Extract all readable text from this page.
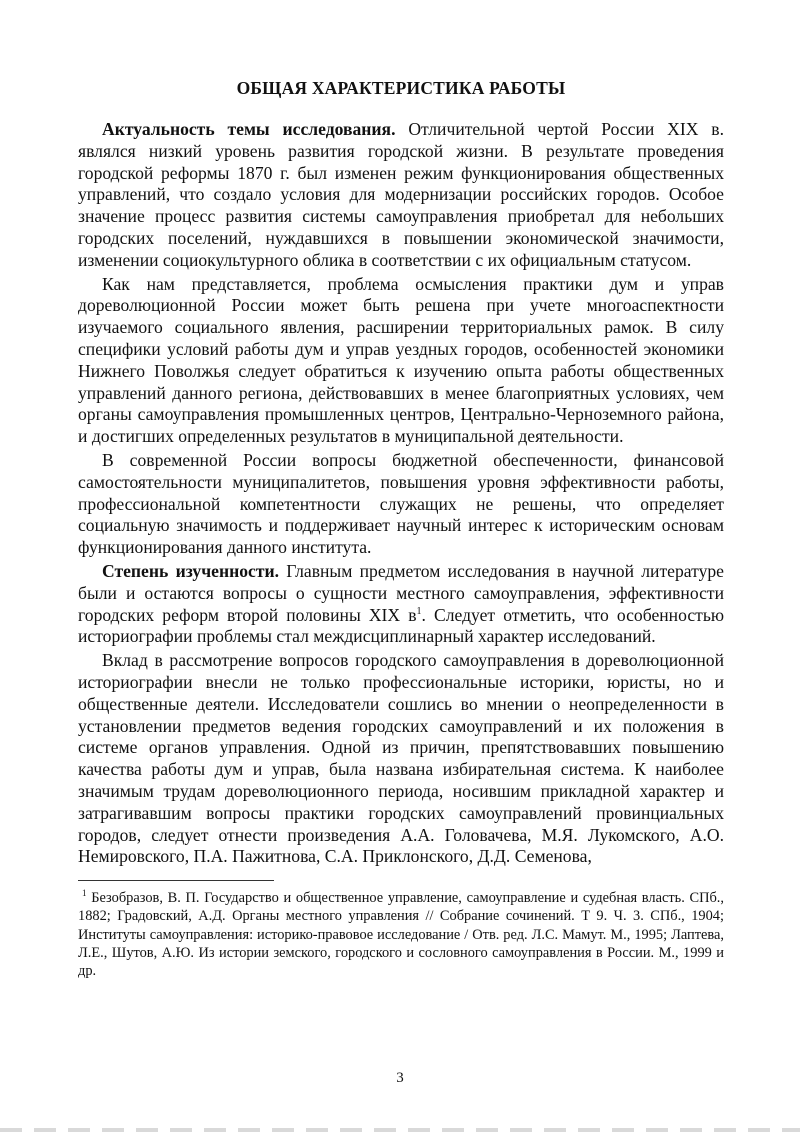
ОБЩАЯ ХАРАКТЕРИСТИКА РАБОТЫ

Актуальность темы исследования. Отличительной чертой России XIX в. являлся низкий уровень развития городской жизни. В результате проведения городской реформы 1870 г. был изменен режим функционирования общественных управлений, что создало условия для модернизации российских городов. Особое значение процесс развития системы самоуправления приобретал для небольших городских поселений, нуждавшихся в повышении экономической значимости, изменении социокультурного облика в соответствии с их официальным статусом.

Как нам представляется, проблема осмысления практики дум и управ дореволюционной России может быть решена при учете многоаспектности изучаемого социального явления, расширении территориальных рамок. В силу специфики условий работы дум и управ уездных городов, особенностей экономики Нижнего Поволжья следует обратиться к изучению опыта работы общественных управлений данного региона, действовавших в менее благоприятных условиях, чем органы самоуправления промышленных центров, Центрально-Черноземного района, и достигших определенных результатов в муниципальной деятельности.

В современной России вопросы бюджетной обеспеченности, финансовой самостоятельности муниципалитетов, повышения уровня эффективности работы, профессиональной компетентности служащих не решены, что определяет социальную значимость и поддерживает научный интерес к историческим основам функционирования данного института.

Степень изученности. Главным предметом исследования в научной литературе были и остаются вопросы о сущности местного самоуправления, эффективности городских реформ второй половины XIX $в^1$. Следует отметить, что особенностью историографии проблемы стал междисциплинарный характер исследований.

Вклад в рассмотрение вопросов городского самоуправления в дореволюционной историографии внесли не только профессиональные историки, юристы, но и общественные деятели. Исследователи сошлись во мнении о неопределенности в установлении предметов ведения городских самоуправлений и их положения в системе органов управления. Одной из причин, препятствовавших повышению качества работы дум и управ, была названа избирательная система. К наиболее значимым трудам дореволюционного периода, носившим прикладной характер и затрагивавшим вопросы практики городских самоуправлений провинциальных городов, следует отнести произведения А.А. Головачева, М.Я. Лукомского, А.О. Немировского, П.А. Пажитнова, С.А. Приклонского, Д.Д. Семенова,

$^1$ Безобразов, В. П. Государство и общественное управление, самоуправление и судебная власть. СПб., 1882; Градовский, А.Д. Органы местного управления // Собрание сочинений. Т 9. Ч. 3. СПб., 1904; Институты самоуправления: историко-правовое исследование / Отв. ред. Л.С. Мамут. М., 1995; Лаптева, Л.Е., Шутов, А.Ю. Из истории земского, городского и сословного самоуправления в России. М., 1999 и др.

3
